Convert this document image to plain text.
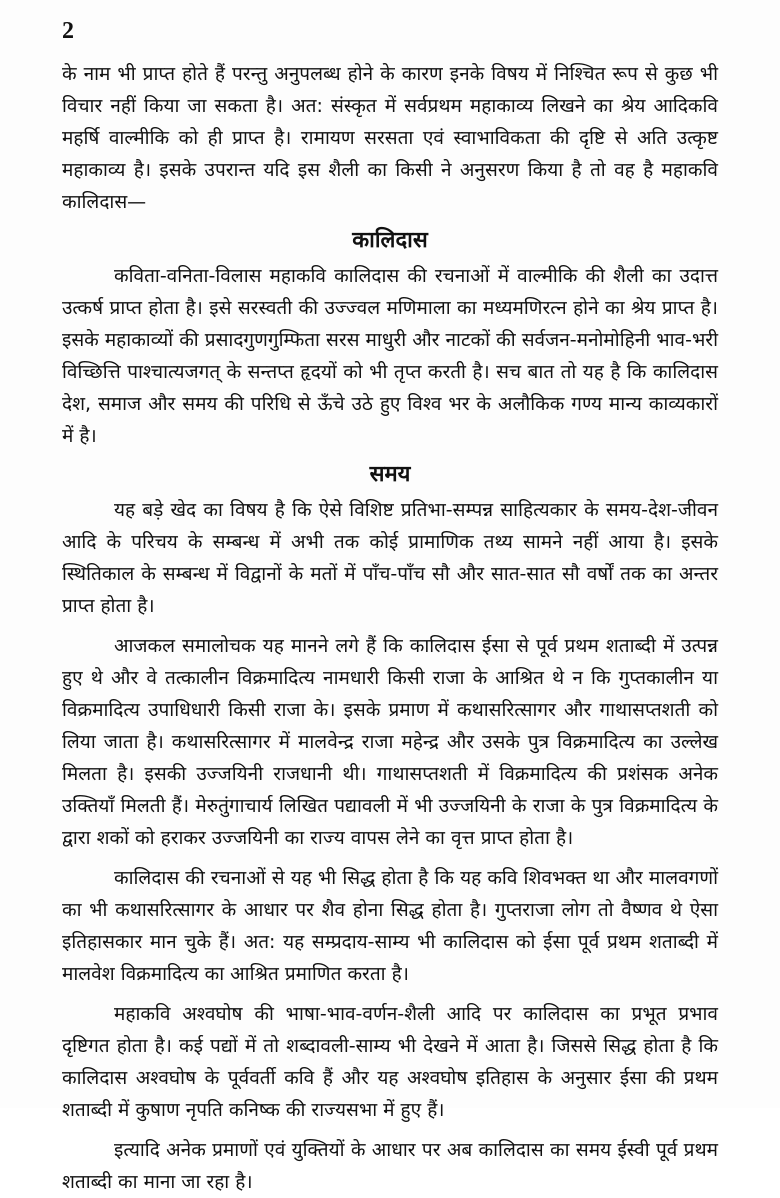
2

के नाम भी प्राप्त होते हैं परन्तु अनुपलब्ध होने के कारण इनके विषय में निश्चित रूप से कुछ भी विचार नहीं किया जा सकता है। अत: संस्कृत में सर्वप्रथम महाकाव्य लिखने का श्रेय आदिकवि महर्षि वाल्मीकि को ही प्राप्त है। रामायण सरसता एवं स्वाभाविकता की दृष्टि से अति उत्कृष्ट महाकाव्य है। इसके उपरान्त यदि इस शैली का किसी ने अनुसरण किया है तो वह है महाकवि कालिदास—

कालिदास

कविता-वनिता-विलास महाकवि कालिदास की रचनाओं में वाल्मीकि की शैली का उदात्त उत्कर्ष प्राप्त होता है। इसे सरस्वती की उज्ज्वल मणिमाला का मध्यमणिरत्न होने का श्रेय प्राप्त है। इसके महाकाव्यों की प्रसादगुणगुम्फिता सरस माधुरी और नाटकों की सर्वजन-मनोमोहिनी भाव-भरी विच्छित्ति पाश्चात्यजगत् के सन्तप्त हृदयों को भी तृप्त करती है। सच बात तो यह है कि कालिदास देश, समाज और समय की परिधि से ऊँचे उठे हुए विश्व भर के अलौकिक गण्य मान्य काव्यकारों में है।

समय

यह बड़े खेद का विषय है कि ऐसे विशिष्ट प्रतिभा-सम्पन्न साहित्यकार के समय-देश-जीवन आदि के परिचय के सम्बन्ध में अभी तक कोई प्रामाणिक तथ्य सामने नहीं आया है। इसके स्थितिकाल के सम्बन्ध में विद्वानों के मतों में पाँच-पाँच सौ और सात-सात सौ वर्षों तक का अन्तर प्राप्त होता है।

आजकल समालोचक यह मानने लगे हैं कि कालिदास ईसा से पूर्व प्रथम शताब्दी में उत्पन्न हुए थे और वे तत्कालीन विक्रमादित्य नामधारी किसी राजा के आश्रित थे न कि गुप्तकालीन या विक्रमादित्य उपाधिधारी किसी राजा के। इसके प्रमाण में कथासरित्सागर और गाथासप्तशती को लिया जाता है। कथासरित्सागर में मालवेन्द्र राजा महेन्द्र और उसके पुत्र विक्रमादित्य का उल्लेख मिलता है। इसकी उज्जयिनी राजधानी थी। गाथासप्तशती में विक्रमादित्य की प्रशंसक अनेक उक्तियाँ मिलती हैं। मेरुतुंगाचार्य लिखित पद्यावली में भी उज्जयिनी के राजा के पुत्र विक्रमादित्य के द्वारा शकों को हराकर उज्जयिनी का राज्य वापस लेने का वृत्त प्राप्त होता है।

कालिदास की रचनाओं से यह भी सिद्ध होता है कि यह कवि शिवभक्त था और मालवगणों का भी कथासरित्सागर के आधार पर शैव होना सिद्ध होता है। गुप्तराजा लोग तो वैष्णव थे ऐसा इतिहासकार मान चुके हैं। अत: यह सम्प्रदाय-साम्य भी कालिदास को ईसा पूर्व प्रथम शताब्दी में मालवेश विक्रमादित्य का आश्रित प्रमाणित करता है।

महाकवि अश्वघोष की भाषा-भाव-वर्णन-शैली आदि पर कालिदास का प्रभूत प्रभाव दृष्टिगत होता है। कई पद्यों में तो शब्दावली-साम्य भी देखने में आता है। जिससे सिद्ध होता है कि कालिदास अश्वघोष के पूर्ववर्ती कवि हैं और यह अश्वघोष इतिहास के अनुसार ईसा की प्रथम शताब्दी में कुषाण नृपति कनिष्क की राज्यसभा में हुए हैं।

इत्यादि अनेक प्रमाणों एवं युक्तियों के आधार पर अब कालिदास का समय ईस्वी पूर्व प्रथम शताब्दी का माना जा रहा है।
